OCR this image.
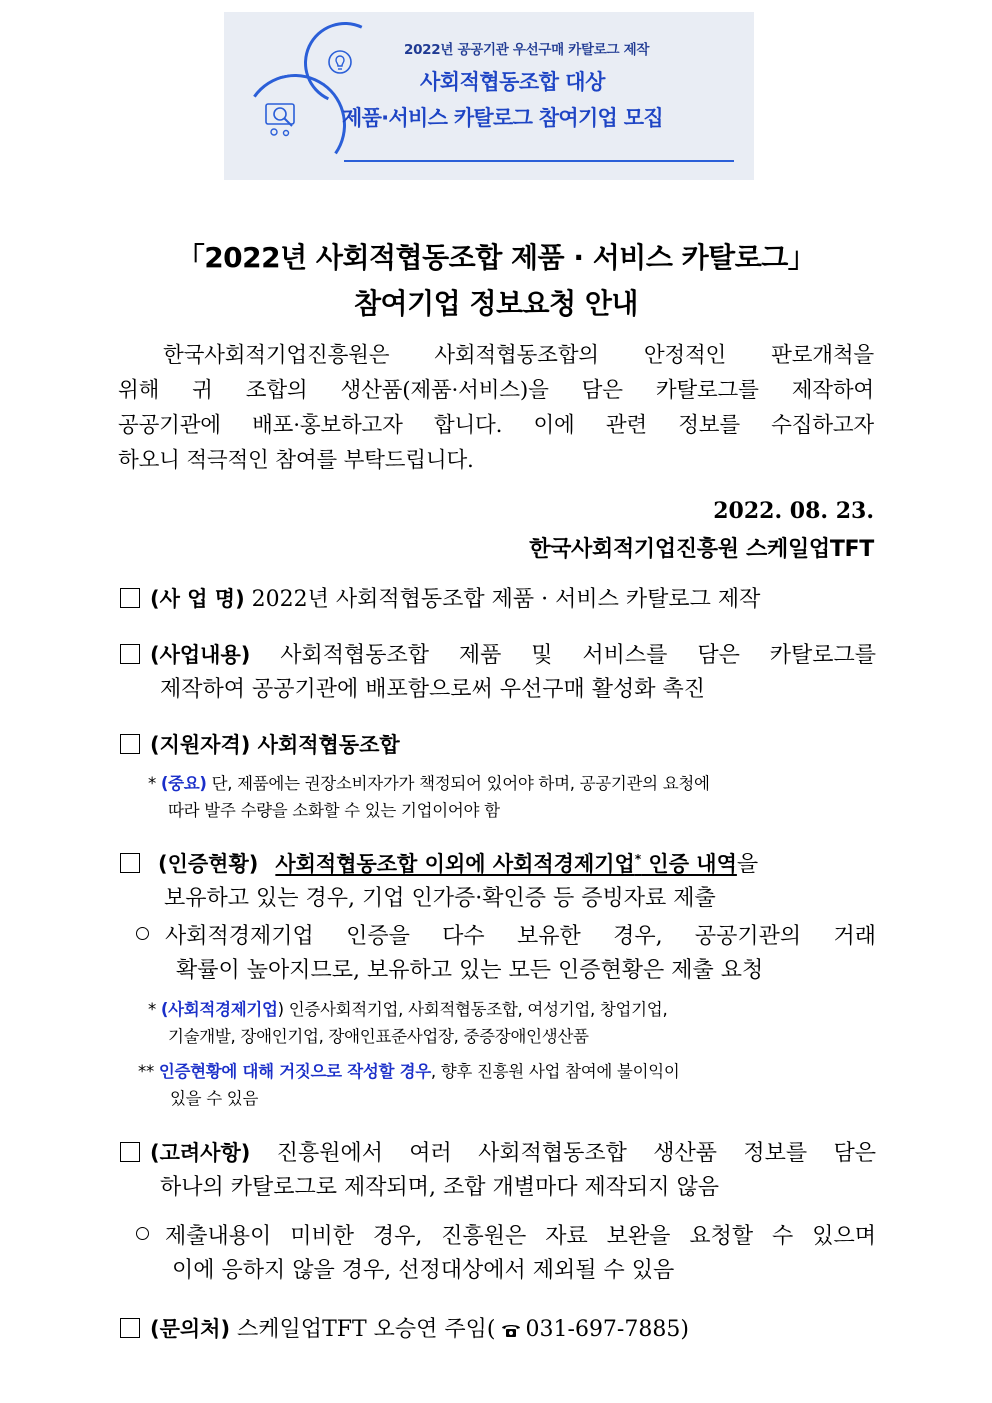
2022년 공공기관 우선구매 카탈로그 제작
사회적협동조합 대상
제품·서비스 카탈로그 참여기업 모집
「2022년 사회적협동조합 제품 · 서비스 카탈로그」
참여기업 정보요청 안내
한국사회적기업진흥원은 사회적협동조합의 안정적인 판로개척을
위해 귀 조합의 생산품(제품·서비스)을 담은 카탈로그를 제작하여
공공기관에 배포·홍보하고자 합니다. 이에 관련 정보를 수집하고자
하오니 적극적인 참여를 부탁드립니다.
2022. 08. 23.
한국사회적기업진흥원 스케일업TFT
(사 업 명) 2022년 사회적협동조합 제품 · 서비스 카탈로그 제작
(사업내용) 사회적협동조합 제품 및 서비스를 담은 카탈로그를
제작하여 공공기관에 배포함으로써 우선구매 활성화 촉진
(지원자격) 사회적협동조합
* (중요) 단, 제품에는 권장소비자가가 책정되어 있어야 하며, 공공기관의 요청에
따라 발주 수량을 소화할 수 있는 기업이어야 함
(인증현황) 사회적협동조합 이외에 사회적경제기업* 인증 내역을
보유하고 있는 경우, 기업 인가증·확인증 등 증빙자료 제출
사회적경제기업 인증을 다수 보유한 경우, 공공기관의 거래
확률이 높아지므로, 보유하고 있는 모든 인증현황은 제출 요청
* (사회적경제기업) 인증사회적기업, 사회적협동조합, 여성기업, 창업기업,
기술개발, 장애인기업, 장애인표준사업장, 중증장애인생산품
** 인증현황에 대해 거짓으로 작성할 경우, 향후 진흥원 사업 참여에 불이익이
있을 수 있음
(고려사항) 진흥원에서 여러 사회적협동조합 생산품 정보를 담은
하나의 카탈로그로 제작되며, 조합 개별마다 제작되지 않음
제출내용이 미비한 경우, 진흥원은 자료 보완을 요청할 수 있으며
이에 응하지 않을 경우, 선정대상에서 제외될 수 있음
(문의처) 스케일업TFT 오승연 주임( 031-697-7885)
